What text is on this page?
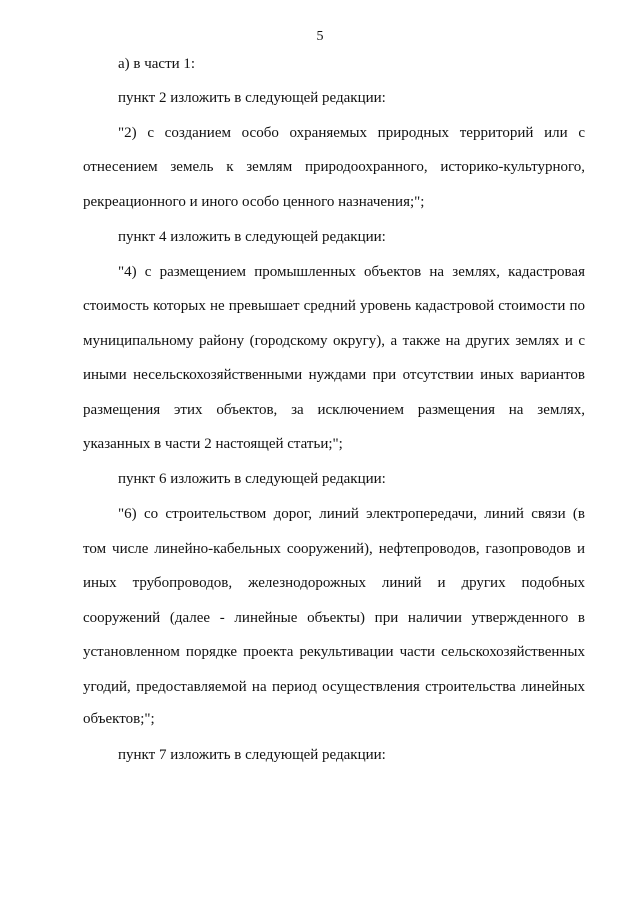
5
а) в части 1:
пункт 2 изложить в следующей редакции:
"2) с созданием особо охраняемых природных территорий или с
отнесением земель к землям природоохранного, историко-культурного,
рекреационного и иного особо ценного назначения;";
пункт 4 изложить в следующей редакции:
"4) с размещением промышленных объектов на землях, кадастровая
стоимость которых не превышает средний уровень кадастровой стоимости по
муниципальному району (городскому округу), а также на других землях и с
иными несельскохозяйственными нуждами при отсутствии иных вариантов
размещения этих объектов, за исключением размещения на землях,
указанных в части 2 настоящей статьи;";
пункт 6 изложить в следующей редакции:
"6) со строительством дорог, линий электропередачи, линий связи (в
том числе линейно-кабельных сооружений), нефтепроводов, газопроводов и
иных трубопроводов, железнодорожных линий и других подобных
сооружений (далее - линейные объекты) при наличии утвержденного в
установленном порядке проекта рекультивации части сельскохозяйственных
угодий, предоставляемой на период осуществления строительства линейных
объектов;";
пункт 7 изложить в следующей редакции:
